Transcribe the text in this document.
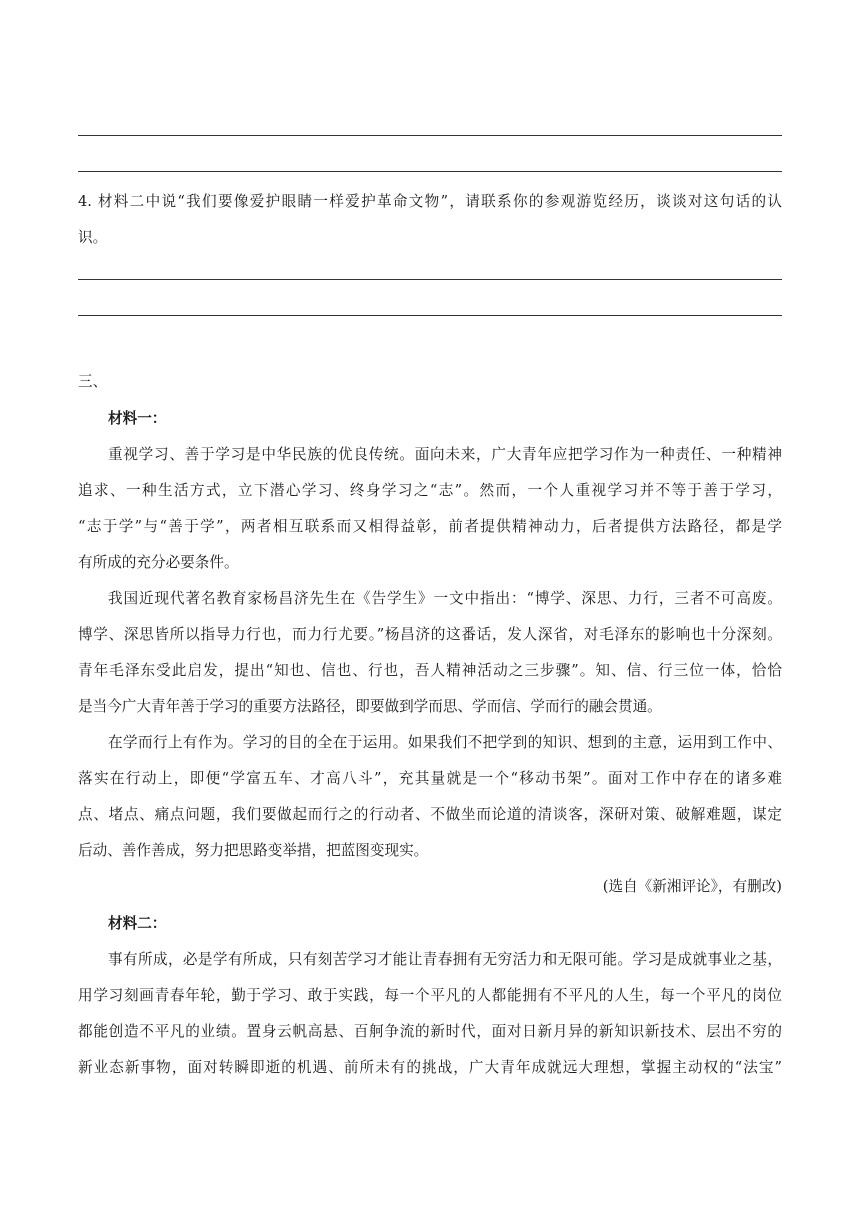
4. 材料二中说“我们要像爱护眼睛一样爱护革命文物”，请联系你的参观游览经历，谈谈对这句话的认
识。
三、
材料一：
重视学习、善于学习是中华民族的优良传统。面向未来，广大青年应把学习作为一种责任、一种精神
追求、一种生活方式，立下潜心学习、终身学习之“志”。然而，一个人重视学习并不等于善于学习，
“志于学”与“善于学”，两者相互联系而又相得益彰，前者提供精神动力，后者提供方法路径，都是学
有所成的充分必要条件。
我国近现代著名教育家杨昌济先生在《告学生》一文中指出：“博学、深思、力行，三者不可高废。
博学、深思皆所以指导力行也，而力行尤要。”杨昌济的这番话，发人深省，对毛泽东的影响也十分深刻。
青年毛泽东受此启发，提出“知也、信也、行也，吾人精神活动之三步骤”。知、信、行三位一体，恰恰
是当今广大青年善于学习的重要方法路径，即要做到学而思、学而信、学而行的融会贯通。
在学而行上有作为。学习的目的全在于运用。如果我们不把学到的知识、想到的主意，运用到工作中、
落实在行动上，即便“学富五车、才高八斗”，充其量就是一个“移动书架”。面对工作中存在的诸多难
点、堵点、痛点问题，我们要做起而行之的行动者、不做坐而论道的清谈客，深研对策、破解难题，谋定
后动、善作善成，努力把思路变举措，把蓝图变现实。
(选自《新湘评论》，有删改)
材料二：
事有所成，必是学有所成，只有刻苦学习才能让青春拥有无穷活力和无限可能。学习是成就事业之基，
用学习刻画青春年轮，勤于学习、敢于实践，每一个平凡的人都能拥有不平凡的人生，每一个平凡的岗位
都能创造不平凡的业绩。置身云帆高悬、百舸争流的新时代，面对日新月异的新知识新技术、层出不穷的
新业态新事物，面对转瞬即逝的机遇、前所未有的挑战，广大青年成就远大理想，掌握主动权的“法宝”
